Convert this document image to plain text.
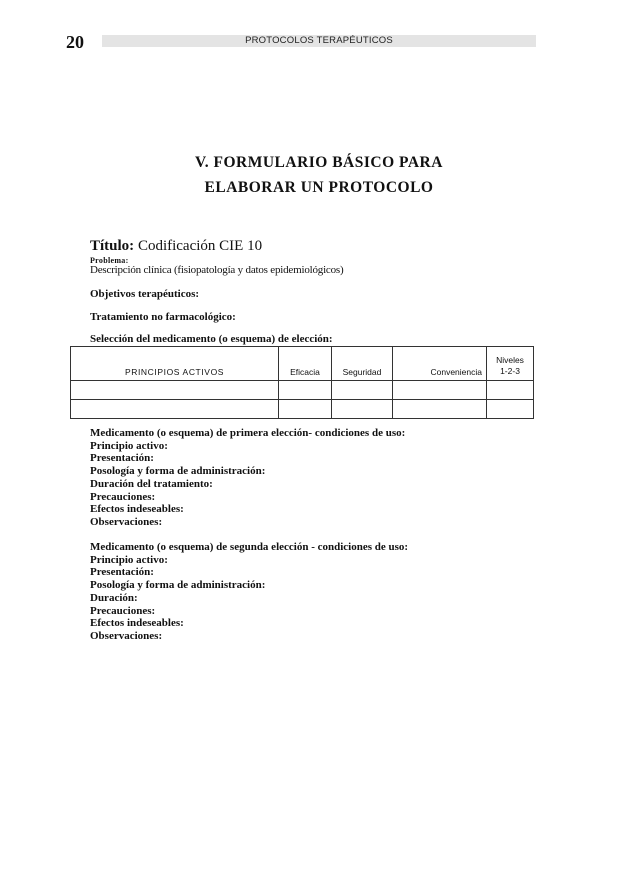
20	PROTOCOLOS TERAPÉUTICOS
V. FORMULARIO BÁSICO PARA
ELABORAR UN PROTOCOLO
Título: Codificación CIE 10
Problema:
Descripción clínica (fisiopatología y datos epidemiológicos)
Objetivos terapéuticos:
Tratamiento no farmacológico:
Selección del medicamento (o esquema) de elección:
PRINCIPIOS ACTIVOS	Eficacia	Seguridad	Conveniencia	Niveles
1-2-3

Medicamento (o esquema) de primera elección- condiciones de uso:
Principio activo:
Presentación:
Posología y forma de administración:
Duración del tratamiento:
Precauciones:
Efectos indeseables:
Observaciones:
Medicamento (o esquema) de segunda elección - condiciones de uso:
Principio activo:
Presentación:
Posología y forma de administración:
Duración:
Precauciones:
Efectos indeseables:
Observaciones:
